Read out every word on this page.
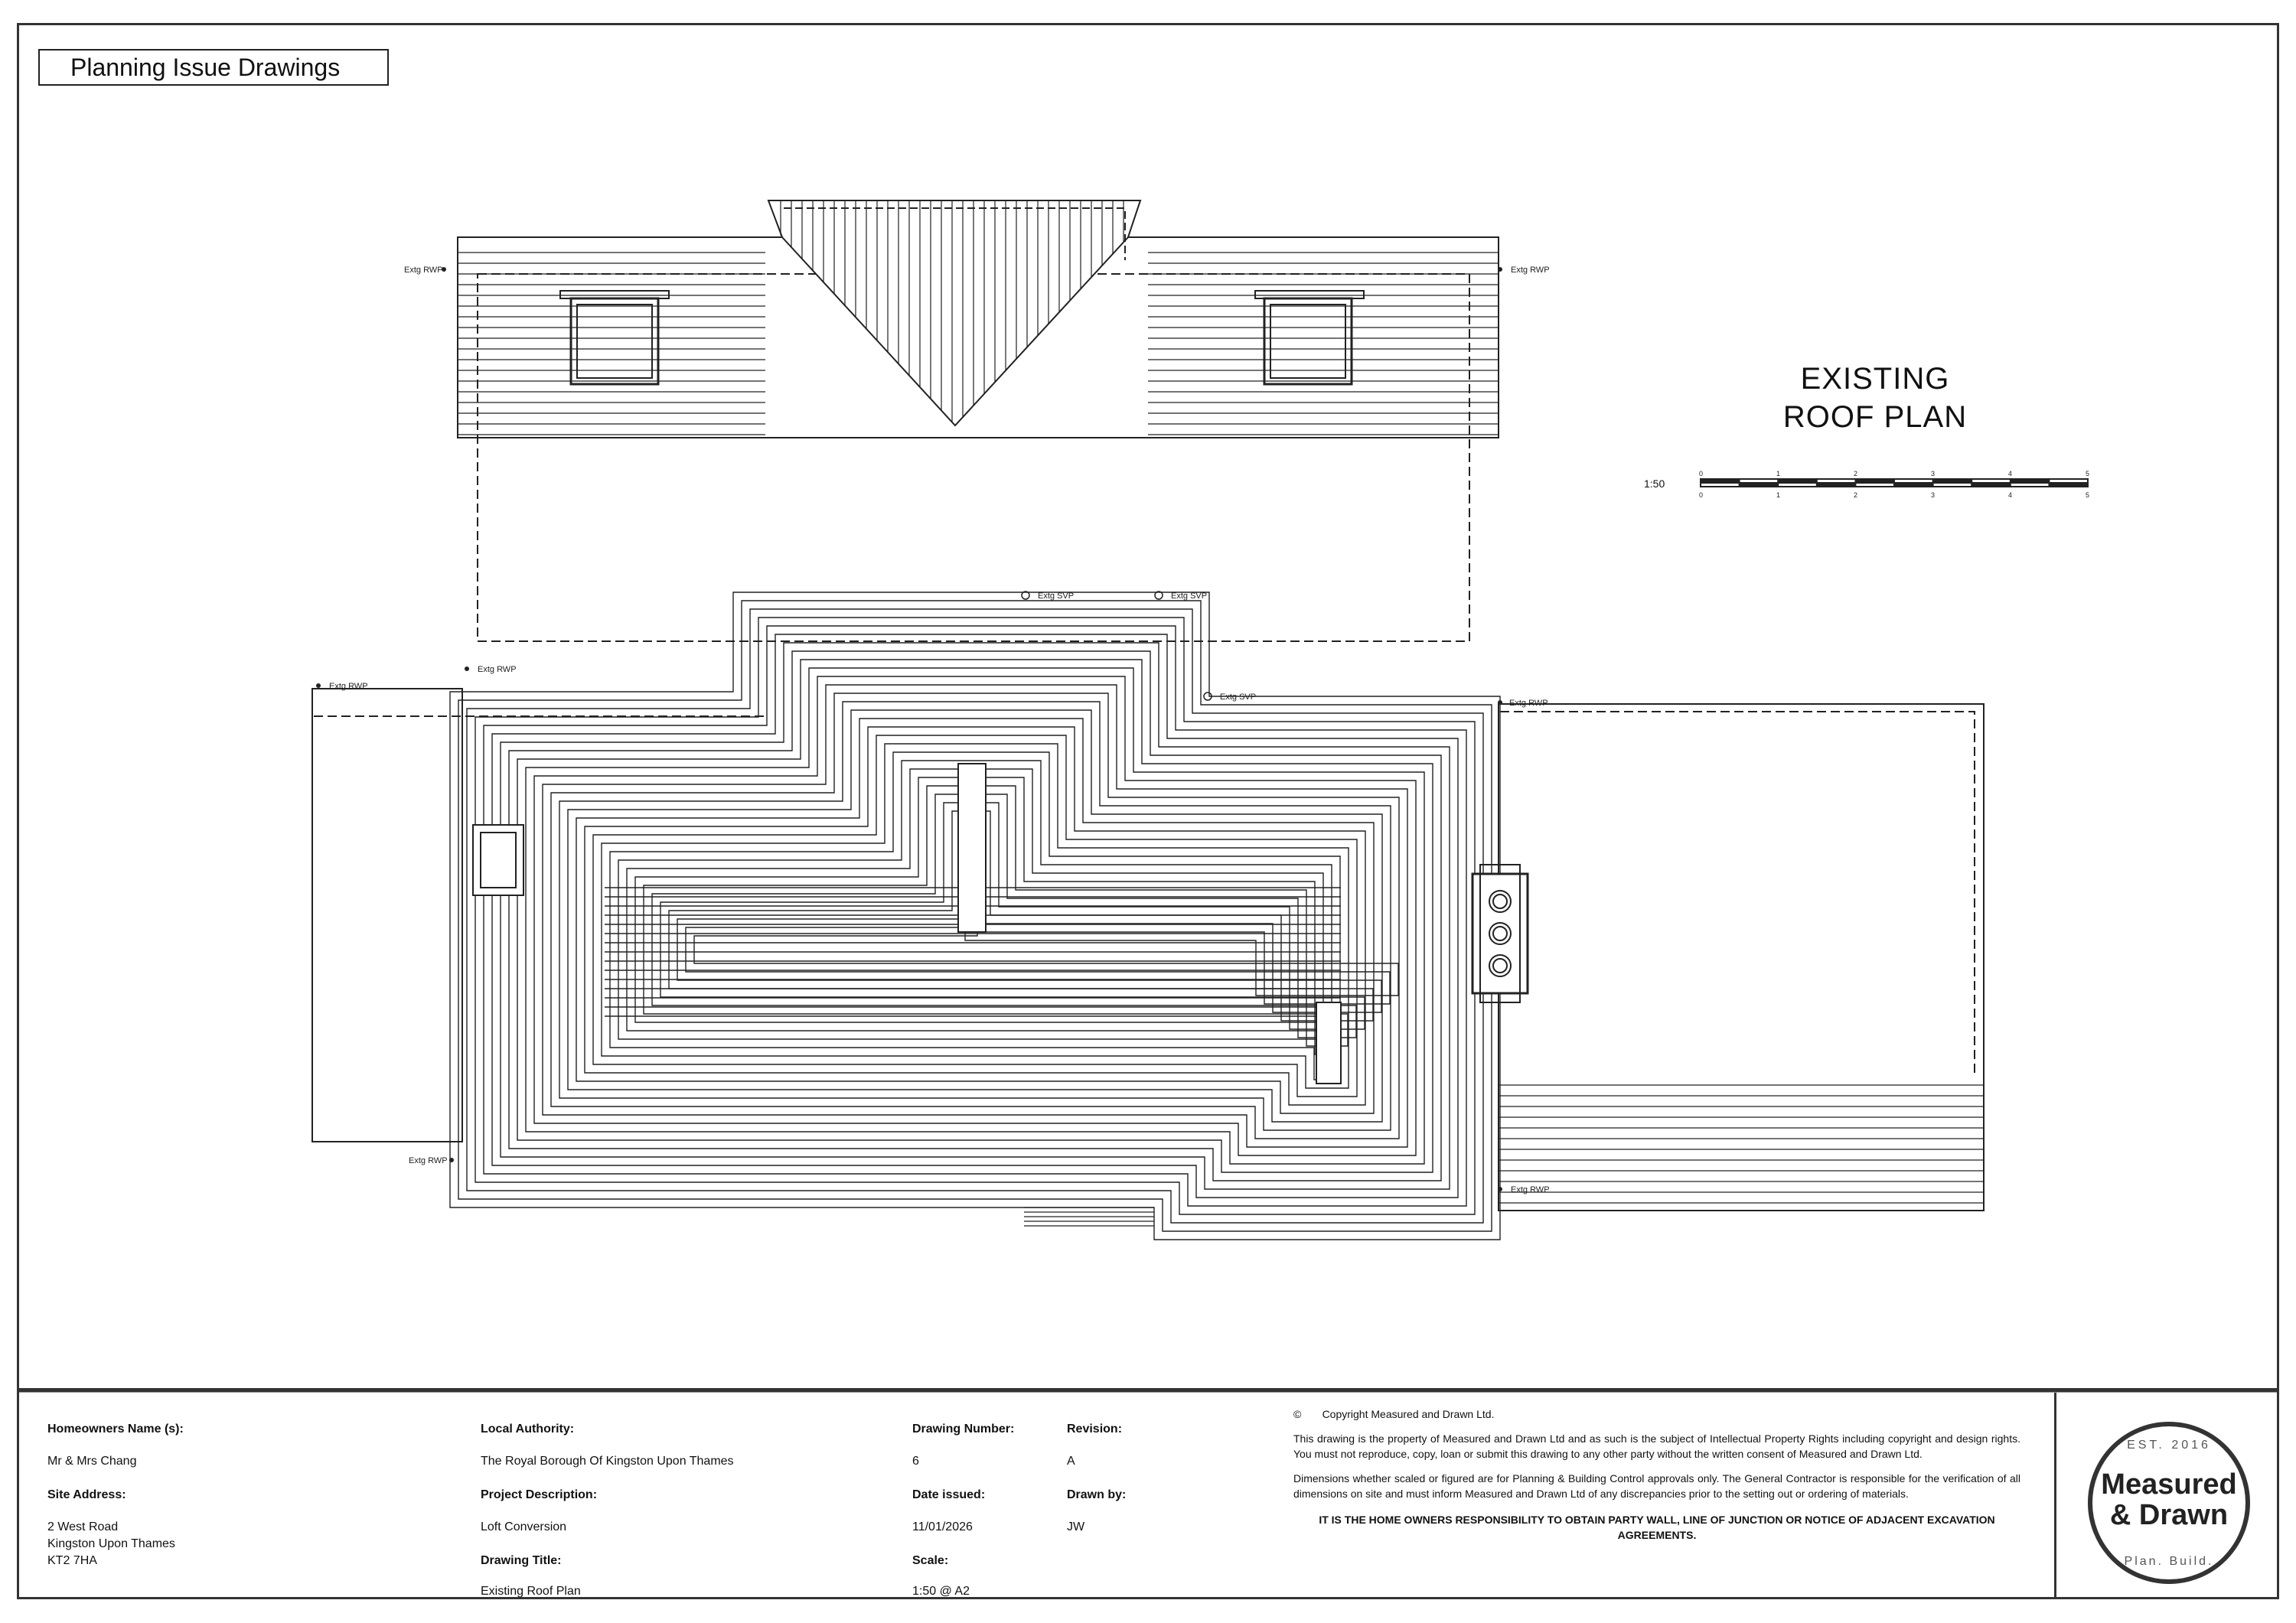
Planning Issue Drawings
Extg RWP	Extg RWP
Extg RWP
Extg RWP
Extg RWP
Extg RWP
Extg RWP
Extg SVP	Extg SVP
Extg SVP
0	1	2	3	4	5
0	1	2	3	4	5
EXISTING
ROOF PLAN
1:50
Homeowners Name (s):
Mr & Mrs Chang
Site Address:
2 West Road
Kingston Upon Thames
KT2 7HA
Local Authority:
The Royal Borough Of Kingston Upon Thames
Project Description:
Loft Conversion
Drawing Title:
Existing Roof Plan
Drawing Number:
6
Date issued:
11/01/2026
Scale:
1:50 @ A2
Revision:
A
Drawn by:
JW

© Copyright Measured and Drawn Ltd.

This drawing is the property of Measured and Drawn Ltd and as such is the subject of Intellectual Property Rights including copyright and design rights. You must not reproduce, copy, loan or submit this drawing to any other party without the written consent of Measured and Drawn Ltd.

Dimensions whether scaled or figured are for Planning & Building Control approvals only. The General Contractor is responsible for the verification of all dimensions on site and must inform Measured and Drawn Ltd of any discrepancies prior to the setting out or ordering of materials.

IT IS THE HOME OWNERS RESPONSIBILITY TO OBTAIN PARTY WALL, LINE OF JUNCTION OR NOTICE OF ADJACENT EXCAVATION AGREEMENTS.

EST. 2016
Measured
& Drawn
Plan. Build.
